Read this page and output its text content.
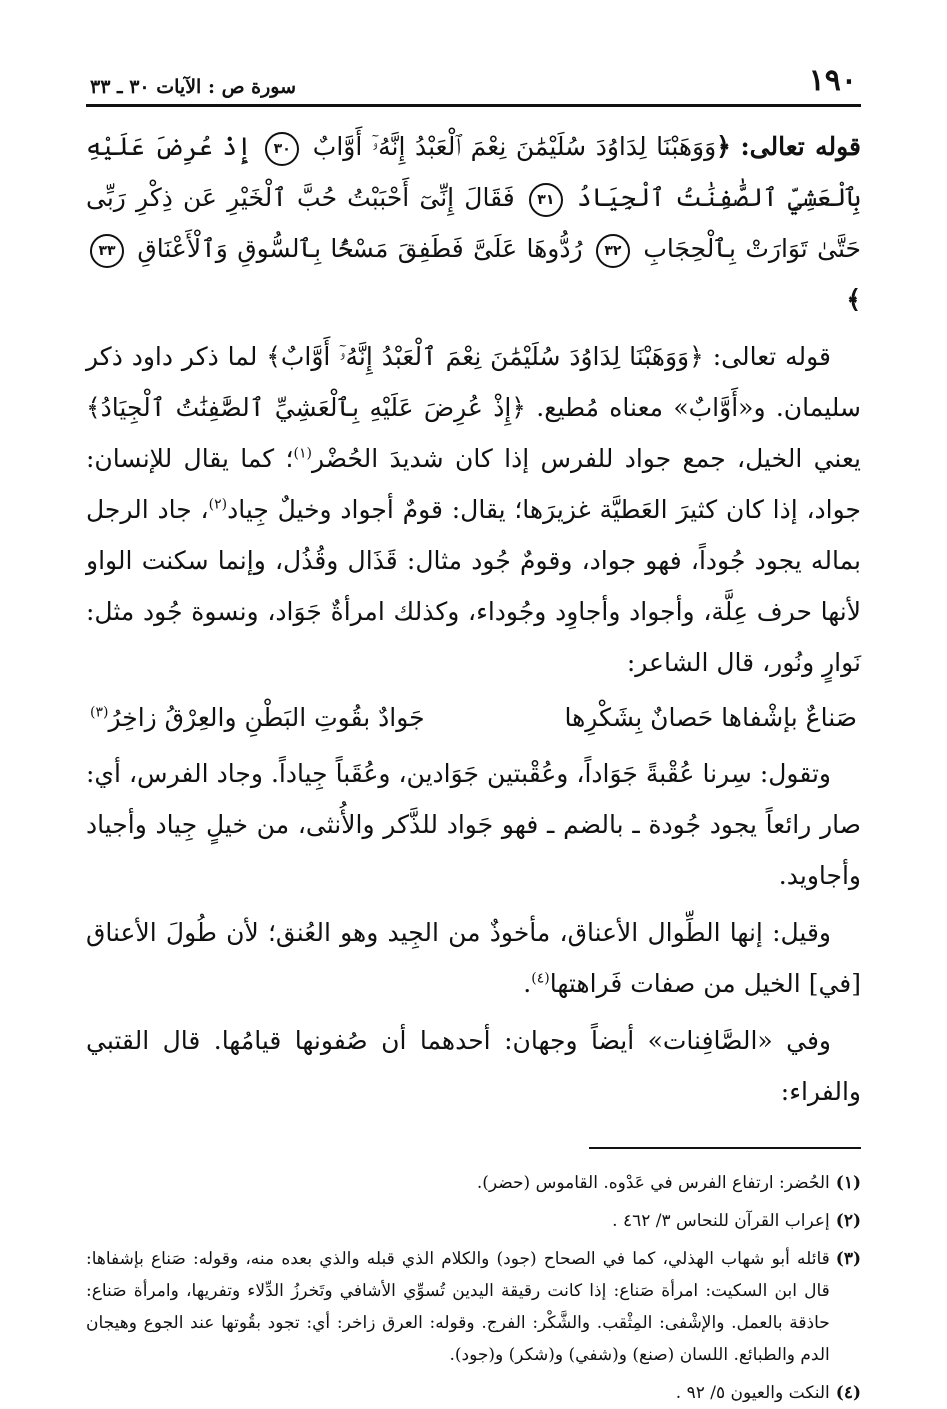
١٩٠
سورة ص : الآيات ٣٠ ـ ٣٣

قوله تعالى: ﴿وَوَهَبْنَا لِدَاوُدَ سُلَيْمَٰنَ نِعْمَ ٱلْعَبْدُ إِنَّهُۥٓ أَوَّابٌ ٣٠ إِذْ عُرِضَ عَلَيْهِ بِٱلْعَشِيِّ ٱلصَّٰفِنَٰتُ ٱلْجِيَادُ ٣١ فَقَالَ إِنِّىٓ أَحْبَبْتُ حُبَّ ٱلْخَيْرِ عَن ذِكْرِ رَبِّى حَتَّىٰ تَوَارَتْ بِٱلْحِجَابِ ٣٢ رُدُّوهَا عَلَىَّ فَطَفِقَ مَسْحًۢا بِٱلسُّوقِ وَٱلْأَعْنَاقِ ٣٣﴾

قوله تعالى: ﴿وَوَهَبْنَا لِدَاوُدَ سُلَيْمَٰنَ نِعْمَ ٱلْعَبْدُ إِنَّهُۥٓ أَوَّابٌ﴾ لما ذكر داود ذكر سليمان. و«أَوَّابٌ» معناه مُطيع. ﴿إِذْ عُرِضَ عَلَيْهِ بِٱلْعَشِيِّ ٱلصَّٰفِنَٰتُ ٱلْجِيَادُ﴾ يعني الخيل، جمع جواد للفرس إذا كان شديدَ الحُضْر$^{(١)}$؛ كما يقال للإنسان: جواد، إذا كان كثيرَ العَطيَّة غزيرَها؛ يقال: قومٌ أجواد وخيلٌ جِياد$^{(٢)}$، جاد الرجل بماله يجود جُوداً، فهو جواد، وقومٌ جُود مثال: قَذَال وقُذُل، وإنما سكنت الواو لأنها حرف عِلَّة، وأجواد وأجاوِد وجُوداء، وكذلك امرأةٌ جَوَاد، ونسوة جُود مثل: نَوارٍ ونُور، قال الشاعر:

صَناعٌ بإشْفاها حَصانٌ بِشَكْرِها
جَوادٌ بقُوتِ البَطْنِ والعِرْقُ زاخِرُ$^{(٣)}$

وتقول: سِرنا عُقْبةً جَوَاداً، وعُقْبتين جَوَادين، وعُقَباً جِياداً. وجاد الفرس، أي: صار رائعاً يجود جُودة ـ بالضم ـ فهو جَواد للذَّكر والأُنثى، من خيلٍ جِياد وأجياد وأجاويد.

وقيل: إنها الطِّوال الأعناق، مأخوذٌ من الجِيد وهو العُنق؛ لأن طُولَ الأعناق [في] الخيل من صفات فَراهتها$^{(٤)}$.

وفي «الصَّافِنات» أيضاً وجهان: أحدهما أن صُفونها قيامُها. قال القتبي والفراء:

(١)
الحُضر: ارتفاع الفرس في عَدْوه. القاموس (حضر).
(٢)
إعراب القرآن للنحاس ٣/ ٤٦٢ .
(٣)
قائله أبو شهاب الهذلي، كما في الصحاح (جود) والكلام الذي قبله والذي بعده منه، وقوله: صَناع بإشفاها: قال ابن السكيت: امرأة صَناع: إذا كانت رقيقة اليدين تُسوِّي الأشافي وتَخرزُ الدِّلاء وتفريها، وامرأة صَناع: حاذقة بالعمل. والإشْفى: المِثْقب. والشَّكْر: الفرج. وقوله: العرق زاخر: أي: تجود بقُوتها عند الجوع وهيجان الدم والطبائع. اللسان (صنع) و(شفي) و(شكر) و(جود).
(٤)
النكت والعيون ٥/ ٩٢ .
